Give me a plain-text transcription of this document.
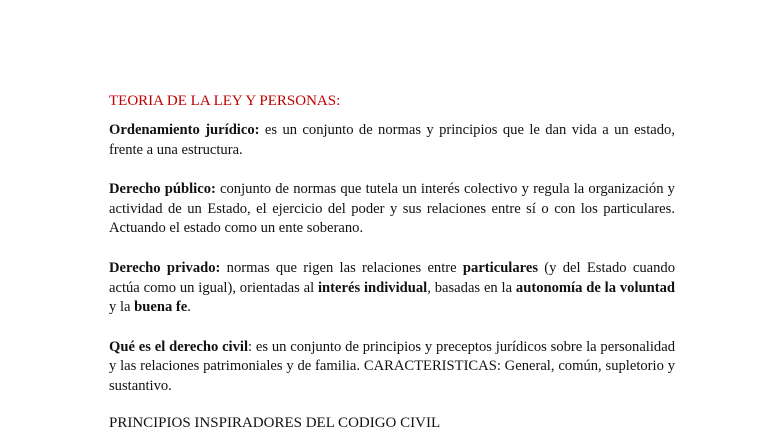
TEORIA DE LA LEY Y PERSONAS:

Ordenamiento jurídico: es un conjunto de normas y principios que le dan vida a un estado, frente a una estructura.

Derecho público: conjunto de normas que tutela un interés colectivo y regula la organización y actividad de un Estado, el ejercicio del poder y sus relaciones entre sí o con los particulares. Actuando el estado como un ente soberano.

Derecho privado: normas que rigen las relaciones entre particulares (y del Estado cuando actúa como un igual), orientadas al interés individual, basadas en la autonomía de la voluntad y la buena fe.

Qué es el derecho civil: es un conjunto de principios y preceptos jurídicos sobre la personalidad y las relaciones patrimoniales y de familia. CARACTERISTICAS: General, común, supletorio y sustantivo.

PRINCIPIOS INSPIRADORES DEL CODIGO CIVIL
